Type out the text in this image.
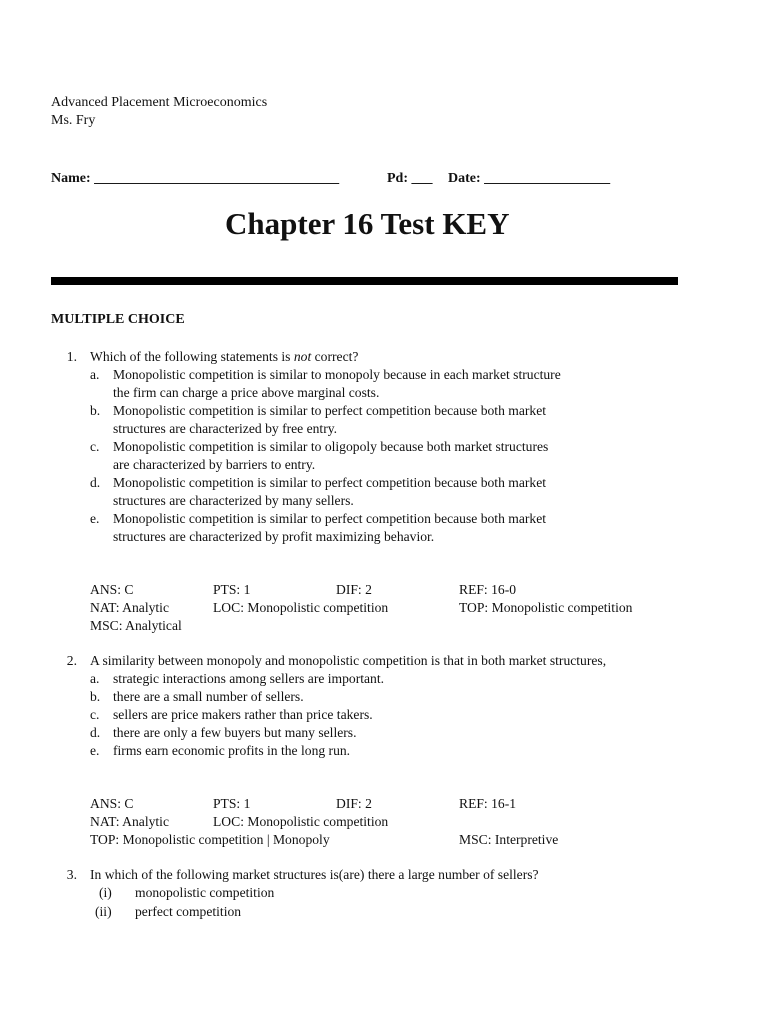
Advanced Placement Microeconomics
Ms. Fry
Name: ___________________________________	Pd: ___ Date: __________________
Chapter 16 Test KEY
MULTIPLE CHOICE
1. Which of the following statements is not correct?
a. Monopolistic competition is similar to monopoly because in each market structure
the firm can charge a price above marginal costs.
b. Monopolistic competition is similar to perfect competition because both market
structures are characterized by free entry.
c. Monopolistic competition is similar to oligopoly because both market structures
are characterized by barriers to entry.
d. Monopolistic competition is similar to perfect competition because both market
structures are characterized by many sellers.
e. Monopolistic competition is similar to perfect competition because both market
structures are characterized by profit maximizing behavior.
ANS: C	PTS: 1	DIF: 2	REF: 16-0
NAT: Analytic	LOC: Monopolistic competition	TOP: Monopolistic competition
MSC: Analytical
2. A similarity between monopoly and monopolistic competition is that in both market structures,
a. strategic interactions among sellers are important.
b. there are a small number of sellers.
c. sellers are price makers rather than price takers.
d. there are only a few buyers but many sellers.
e. firms earn economic profits in the long run.
ANS: C	PTS: 1	DIF: 2	REF: 16-1
NAT: Analytic	LOC: Monopolistic competition
TOP: Monopolistic competition | Monopoly	MSC: Interpretive
3. In which of the following market structures is(are) there a large number of sellers?
(i) monopolistic competition
(ii) perfect competition
